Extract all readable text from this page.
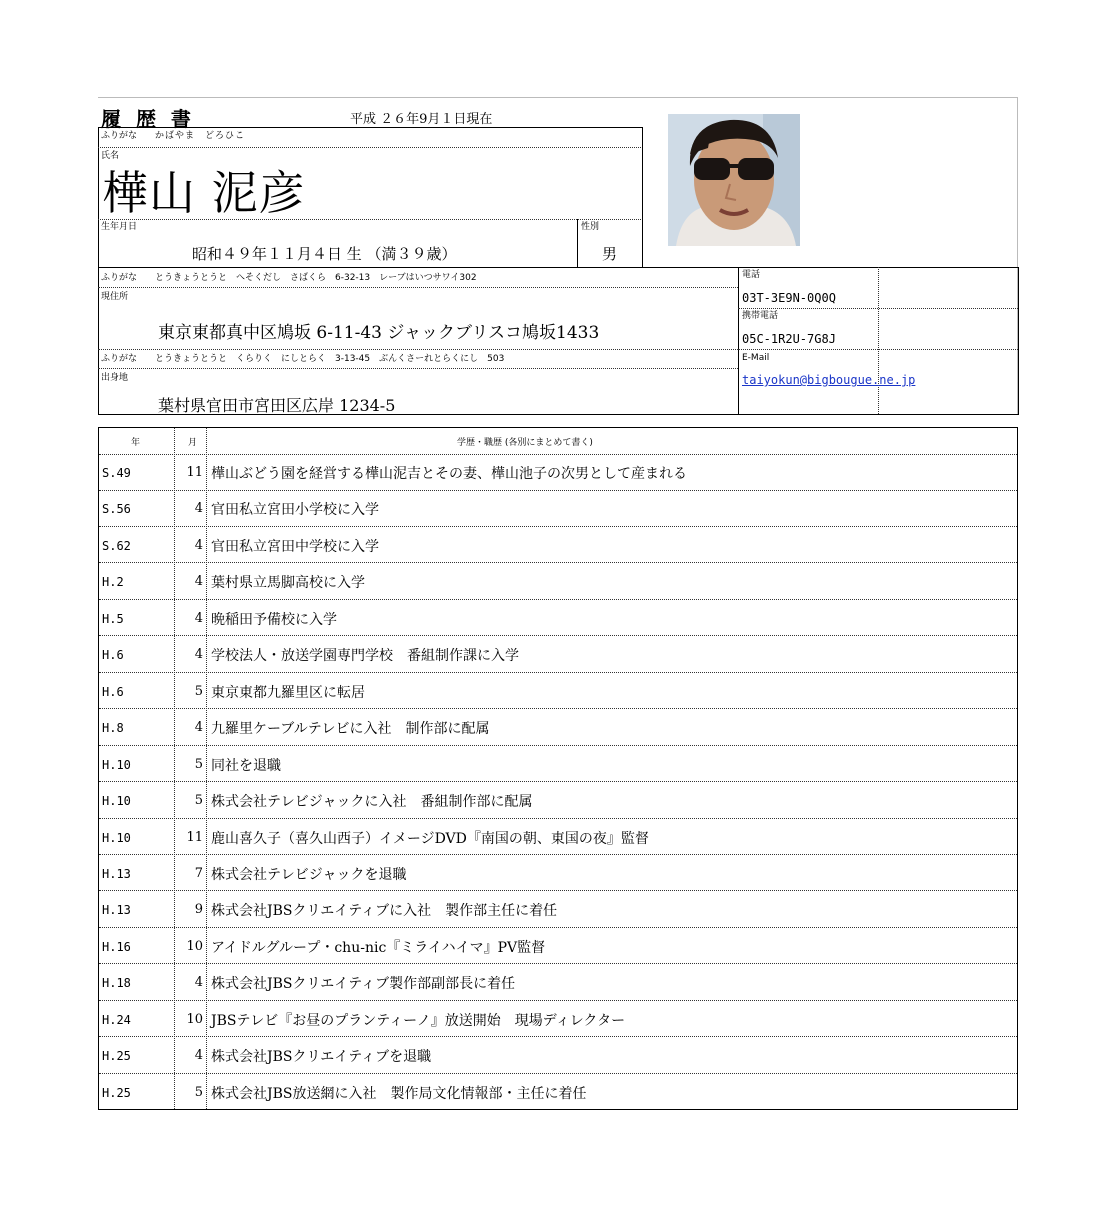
履 歴 書	平成 ２６年9月１日現在
ふりがな かばやま　どろひこ
氏名
樺山 泥彦
生年月日
昭和４９年１１月４日 生 （満３９歳）
性別
男
ふりがな とうきょうとうと　へそくだし　さばくら　6-32-13　レーブはいつサワイ302
現住所
東京東都真中区鳩坂 6-11-43 ジャックブリスコ鳩坂1433
ふりがな とうきょうとうと　くらりく　にしとらく　3-13-45　ぶんくさーれとらくにし　503
出身地
葉村県官田市宮田区広岸 1234-5
電話
03T-3E9N-0Q0Q
携帯電話
05C-1R2U-7G8J
E-Mail
taiyokun@bigbougue.ne.jp
年	月	学歴・職歴 (各別にまとめて書く)
S.49	11 樺山ぶどう園を経営する樺山泥吉とその妻、樺山池子の次男として産まれる
S.56	4 官田私立宮田小学校に入学
S.62	4 官田私立宮田中学校に入学
H.2	4 葉村県立馬脚高校に入学
H.5	4 晩稲田予備校に入学
H.6	4 学校法人・放送学園専門学校　番組制作課に入学
H.6	5 東京東都九羅里区に転居
H.8	4 九羅里ケーブルテレビに入社　制作部に配属
H.10	5 同社を退職
H.10	5 株式会社テレビジャックに入社　番組制作部に配属
H.10	11 鹿山喜久子（喜久山西子）イメージDVD『南国の朝、東国の夜』監督
H.13	7 株式会社テレビジャックを退職
H.13	9 株式会社JBSクリエイティブに入社　製作部主任に着任
H.16	10 アイドルグループ・chu-nic『ミライハイマ』PV監督
H.18	4 株式会社JBSクリエイティブ製作部副部長に着任
H.24	10 JBSテレビ『お昼のプランティーノ』放送開始　現場ディレクター
H.25	4 株式会社JBSクリエイティブを退職
H.25	5 株式会社JBS放送網に入社　製作局文化情報部・主任に着任
